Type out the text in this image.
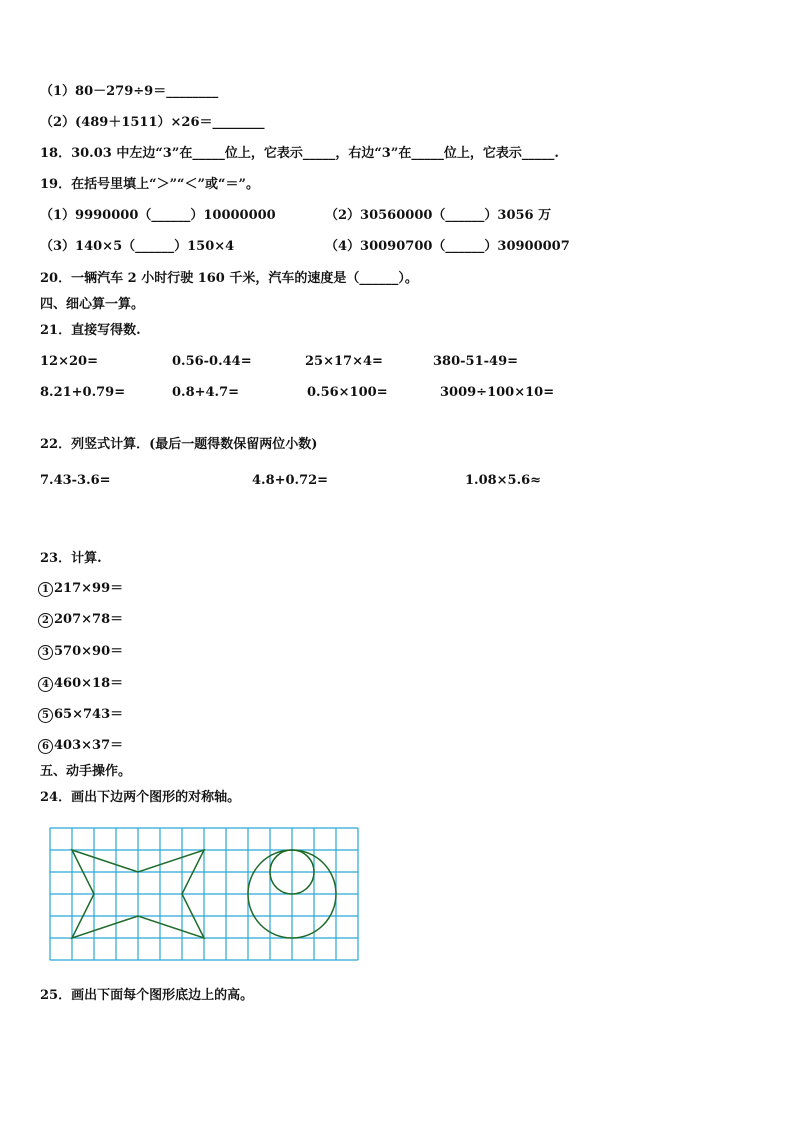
（1）80－279÷9＝________
（2）(489＋1511）×26＝________
18．30.03 中左边“3”在_____位上，它表示_____，右边“3”在_____位上，它表示_____.
19．在括号里填上“＞”“＜”或“＝”。
（1）9990000（______）10000000	（2）30560000（______）3056 万
（3）140×5（______）150×4	（4）30090700（______）30900007
20．一辆汽车 2 小时行驶 160 千米，汽车的速度是（______）。
四、细心算一算。
21．直接写得数.
12×20=	0.56-0.44=	25×17×4=	380-51-49=
8.21+0.79=	0.8+4.7=	0.56×100=	3009÷100×10=
22．列竖式计算．(最后一题得数保留两位小数)
7.43-3.6=	4.8+0.72=	1.08×5.6≈
23．计算.
1 217×99＝
2 207×78＝
3 570×90＝
4 460×18＝
5 65×743＝
6 403×37＝
五、动手操作。
24．画出下边两个图形的对称轴。
25．画出下面每个图形底边上的高。
